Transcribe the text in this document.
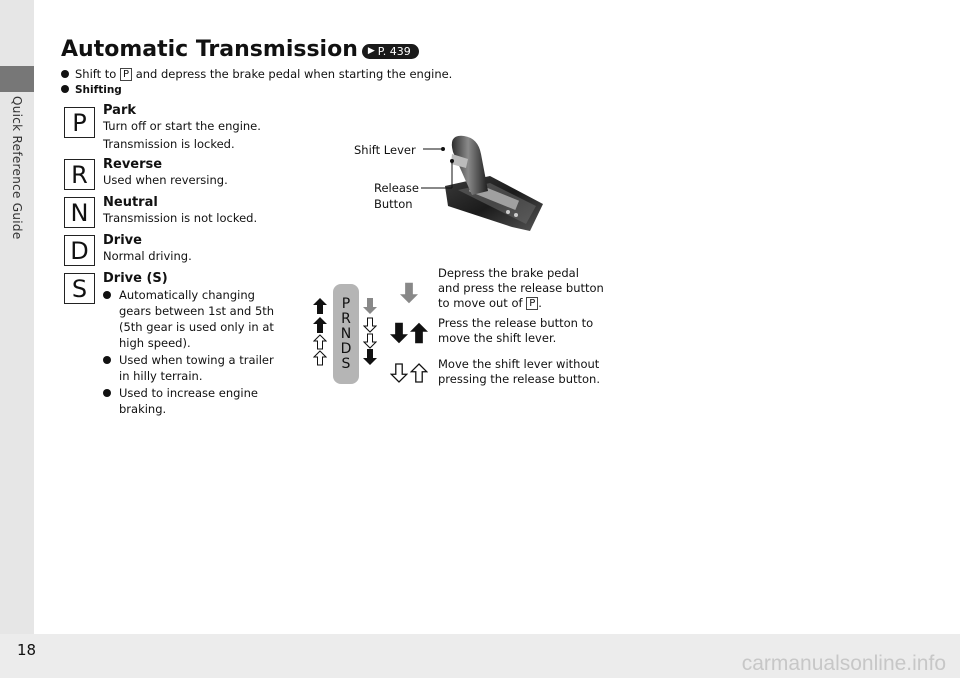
Quick Reference Guide
18
carmanualsonline.info
Automatic Transmission ▶ P. 439
Shift to P and depress the brake pedal when starting the engine.
Shifting
P	Park
Turn off or start the engine.
Transmission is locked.
R	Reverse
Used when reversing.
N	Neutral
Transmission is not locked.
D	Drive
Normal driving.
S	Drive (S)
Automatically changing
gears between 1st and 5th
(5th gear is used only in at
high speed).
Used when towing a trailer
in hilly terrain.
Used to increase engine
braking.
Shift Lever
Release
Button
P
R
N
D
S
Depress the brake pedal
and press the release button
to move out of P .
Press the release button to
move the shift lever.
Move the shift lever without
pressing the release button.
